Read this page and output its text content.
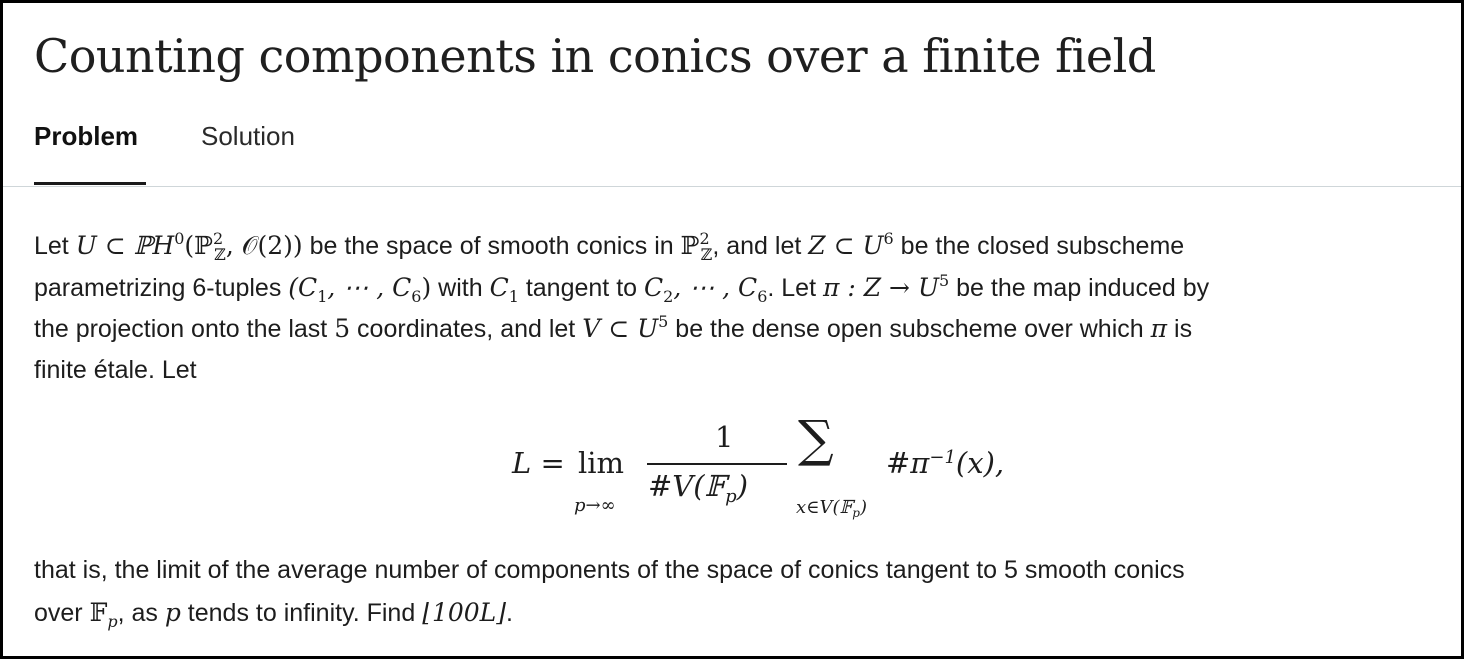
Counting components in conics over a finite field
Problem Solution
Let U ⊂ ℙH$^0$(ℙ$^2_ℤ$, 𝒪(2)) be the space of smooth conics in ℙ$^2_ℤ$, and let Z ⊂ $U^6$ be the closed subscheme
parametrizing 6-tuples ($C_1$, ⋯ , $C_6$) with $C_1$ tangent to $C_2$, ⋯ , $C_6$. Let π : $Z \to U^5$ be the map induced by
the projection onto the last 5 coordinates, and let V ⊂ $U^5$ be the dense open subscheme over which π is
finite étale. Let
L = lim
p→∞
1
#V(𝔽$_p$)
∑
x∈V(𝔽$_p$)
$\#\pi^{-1}(x)$,
that is, the limit of the average number of components of the space of conics tangent to 5 smooth conics
over 𝔽$_p$, as p tends to infinity. Find ⌊100L⌋.
